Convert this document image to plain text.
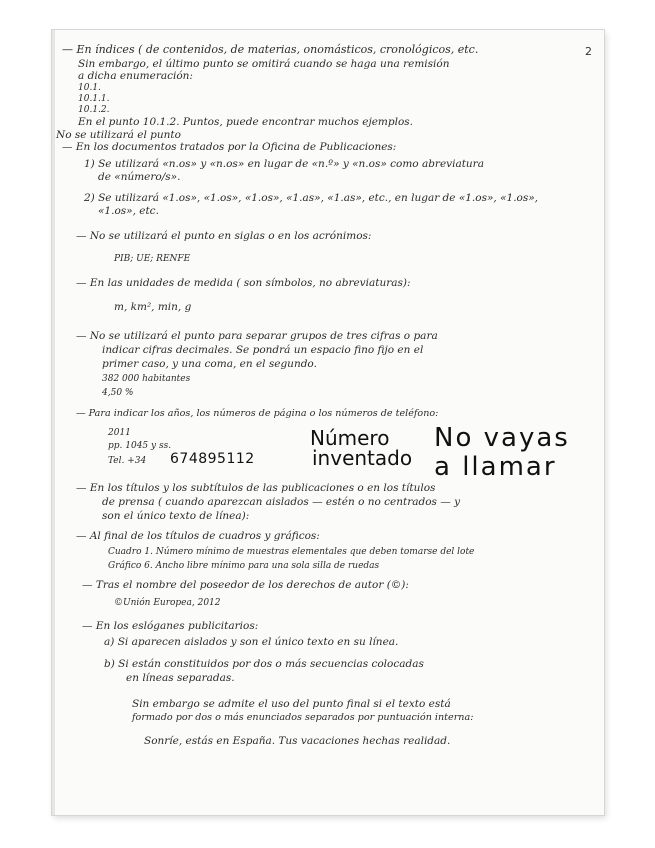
2
— En índices ( de contenidos, de materias, onomásticos, cronológicos, etc.
Sin embargo, el último punto se omitirá cuando se haga una remisión
a dicha enumeración:
10.1.
10.1.1.
10.1.2.
En el punto 10.1.2. Puntos, puede encontrar muchos ejemplos.
No se utilizará el punto
— En los documentos tratados por la Oficina de Publicaciones:
1) Se utilizará «n.os» y «n.os» en lugar de «n.º» y «n.os» como abreviatura
de «número/s».
2) Se utilizará «1.os», «1.os», «1.os», «1.as», «1.as», etc., en lugar de «1.os», «1.os»,
«1.os», etc.
— No se utilizará el punto en siglas o en los acrónimos:
PIB; UE; RENFE
— En las unidades de medida ( son símbolos, no abreviaturas):
m, km², min, g
— No se utilizará el punto para separar grupos de tres cifras o para
indicar cifras decimales. Se pondrá un espacio fino fijo en el
primer caso, y una coma, en el segundo.
382 000 habitantes
4,50 %
— Para indicar los años, los números de página o los números de teléfono:
2011
pp. 1045 y ss.
Tel. +34 674895112
Número
inventado
No vayas
a llamar
— En los títulos y los subtítulos de las publicaciones o en los títulos
de prensa ( cuando aparezcan aislados — estén o no centrados — y
son el único texto de línea):
— Al final de los títulos de cuadros y gráficos:
Cuadro 1. Número mínimo de muestras elementales que deben tomarse del lote
Gráfico 6. Ancho libre mínimo para una sola silla de ruedas
— Tras el nombre del poseedor de los derechos de autor (©):
©Unión Europea, 2012
— En los eslóganes publicitarios:
a) Si aparecen aislados y son el único texto en su línea.
b) Si están constituidos por dos o más secuencias colocadas
en líneas separadas.
Sin embargo se admite el uso del punto final si el texto está
formado por dos o más enunciados separados por puntuación interna:
Sonríe, estás en España. Tus vacaciones hechas realidad.
